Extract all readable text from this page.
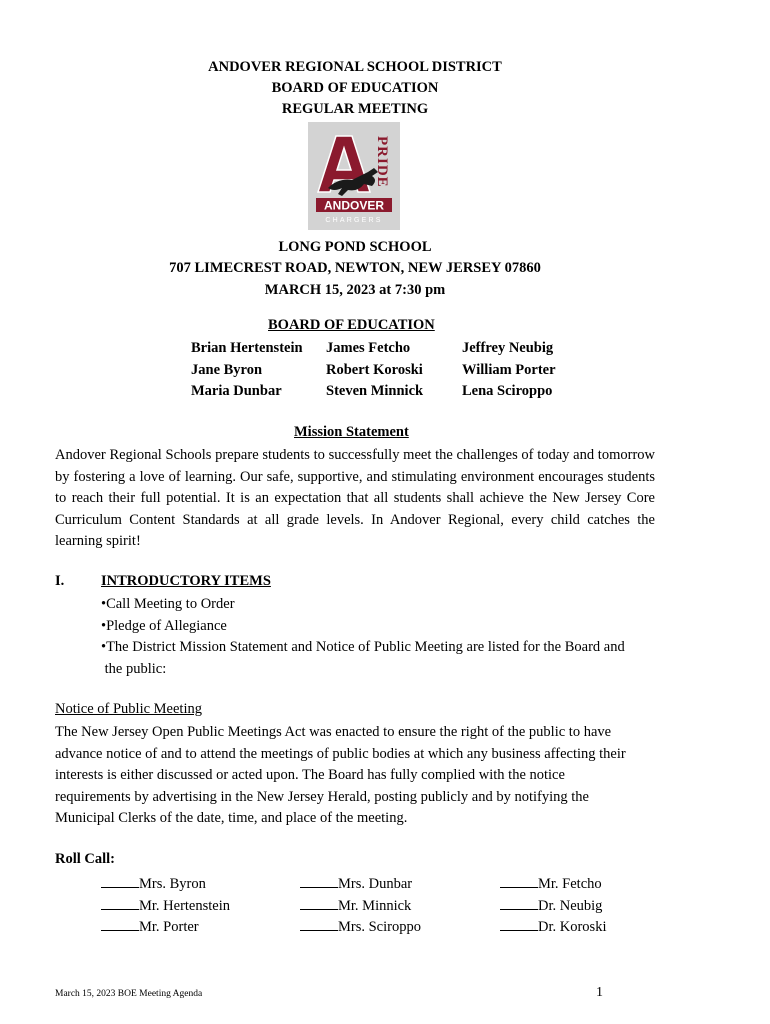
ANDOVER REGIONAL SCHOOL DISTRICT
BOARD OF EDUCATION
REGULAR MEETING
PRIDE
ANDOVER
CHARGERS
LONG POND SCHOOL
707 LIMECREST ROAD, NEWTON, NEW JERSEY 07860
MARCH 15, 2023 at 7:30 pm
BOARD OF EDUCATION
Brian Hertenstein
Jane Byron
Maria Dunbar
James Fetcho
Robert Koroski
Steven Minnick
Jeffrey Neubig
William Porter
Lena Sciroppo
Mission Statement
Andover Regional Schools prepare students to successfully meet the challenges of today and tomorrow by fostering a love of learning. Our safe, supportive, and stimulating environment encourages students to reach their full potential. It is an expectation that all students shall achieve the New Jersey Core Curriculum Content Standards at all grade levels. In Andover Regional, every child catches the learning spirit!
I.	INTRODUCTORY ITEMS
•Call Meeting to Order
•Pledge of Allegiance
•The District Mission Statement and Notice of Public Meeting are listed for the Board and
the public:
Notice of Public Meeting
The New Jersey Open Public Meetings Act was enacted to ensure the right of the public to have
advance notice of and to attend the meetings of public bodies at which any business affecting their
interests is either discussed or acted upon. The Board has fully complied with the notice
requirements by advertising in the New Jersey Herald, posting publicly and by notifying the
Municipal Clerks of the date, time, and place of the meeting.
Roll Call:
Mrs. Byron
Mr. Hertenstein
Mr. Porter
Mrs. Dunbar
Mr. Minnick
Mrs. Sciroppo
Mr. Fetcho
Dr. Neubig
Dr. Koroski
March 15, 2023 BOE Meeting Agenda	1
